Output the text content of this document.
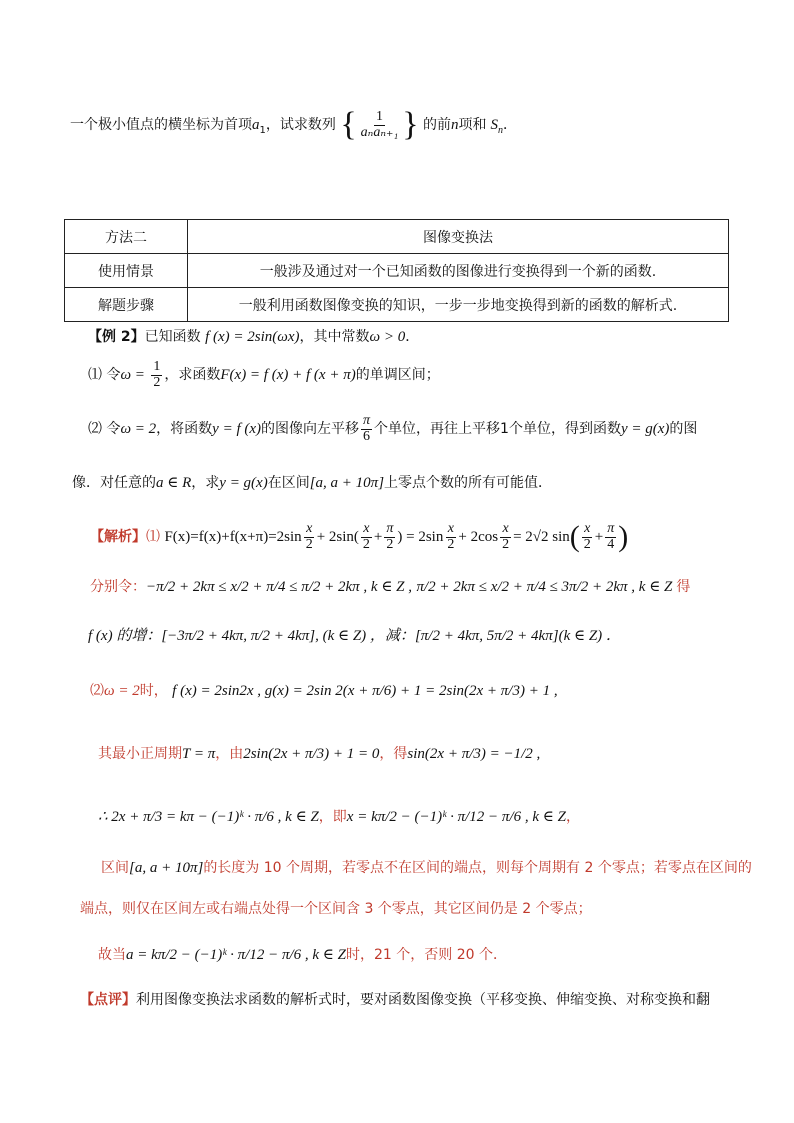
一个极小值点的横坐标为首项$a_1$，试求数列 { $\frac{1}{\text{aₙaₙ₊₁}}$ } 的前n项和 $S_n$．
方法二	图像变换法
使用情景	一般涉及通过对一个已知函数的图像进行变换得到一个新的函数.
解题步骤	一般利用函数图像变换的知识，一步一步地变换得到新的函数的解析式.
【例 2】已知函数 f (x) = 2sin(ωx)，其中常数ω > 0．
⑴ 令$\omega = \frac{1}{2}$ ，求函数F(x) = f (x) + f (x + π)的单调区间；
⑵ 令ω = 2，将函数y = f (x)的图像向左平移 $\frac{\pi}{6}$ 个单位，再往上平移1个单位，得到函数y = g(x)的图
像．对任意的a ∈ R，求y = g(x)在区间[a, a + 10π]上零点个数的所有可能值．
【解析】⑴ $F(x)=f(x)+f(x+\pi)=2\sin \frac{x}{2} + 2\sin( \frac{x}{2} + \frac{\pi}{2}$ ) = $2\sin \frac{x}{2} + 2\cos \frac{x}{2} = 2√2$ $\sin( \frac{x}{2} + \frac{\pi}{4}$ )
分别令：−π/2 + 2kπ ≤ x/2 + π/4 ≤ π/2 + 2kπ , k ∈ Z , π/2 + 2kπ ≤ x/2 + π/4 ≤ 3π/2 + 2kπ , k ∈ Z 得
f (x) 的增：[−3π/2 + 4kπ, π/2 + 4kπ], (k ∈ Z) ，减：[π/2 + 4kπ, 5π/2 + 4kπ](k ∈ Z) ．
⑵ω = 2时， f (x) = 2sin2x , g(x) = 2sin 2(x + π/6) + 1 = 2sin(2x + π/3) + 1 ,
其最小正周期T = π，由2sin(2x + π/3) + 1 = 0，得sin(2x + π/3) = −1/2 ,
∴ 2x + π/3 = kπ − (−1)ᵏ · π/6 , k ∈ Z，即x = kπ/2 − (−1)ᵏ · π/12 − π/6 , k ∈ Z，
区间[a, a + 10π]的长度为 10 个周期，若零点不在区间的端点，则每个周期有 2 个零点；若零点在区间的
端点，则仅在区间左或右端点处得一个区间含 3 个零点，其它区间仍是 2 个零点；
故当a = kπ/2 − (−1)ᵏ · π/12 − π/6 , k ∈ Z时，21 个，否则 20 个．
【点评】利用图像变换法求函数的解析式时，要对函数图像变换（平移变换、伸缩变换、对称变换和翻
